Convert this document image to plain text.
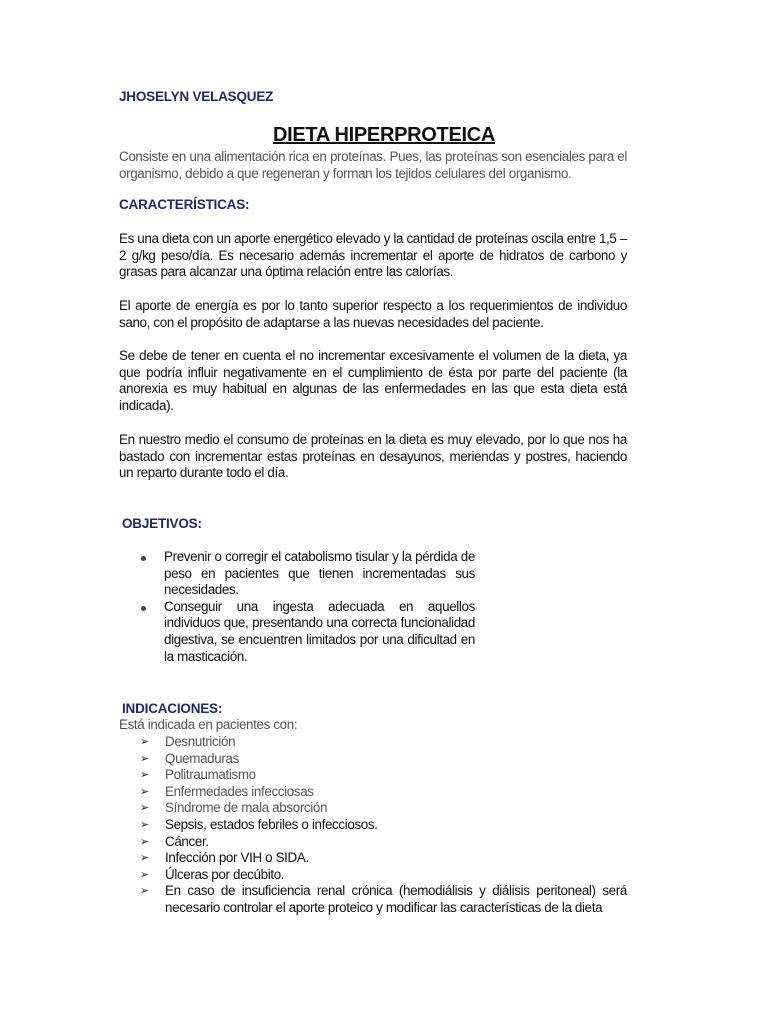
JHOSELYN VELASQUEZ
DIETA HIPERPROTEICA
Consiste en una alimentación rica en proteínas. Pues, las proteínas son esenciales para el organismo, debido a que regeneran y forman los tejidos celulares del organismo.
CARACTERÍSTICAS:
Es una dieta con un aporte energético elevado y la cantidad de proteínas oscila entre 1,5 – 2 g/kg peso/día. Es necesario además incrementar el aporte de hidratos de carbono y grasas para alcanzar una óptima relación entre las calorías.
El aporte de energía es por lo tanto superior respecto a los requerimientos de individuo sano, con el propósito de adaptarse a las nuevas necesidades del paciente.
Se debe de tener en cuenta el no incrementar excesivamente el volumen de la dieta, ya que podría influir negativamente en el cumplimiento de ésta por parte del paciente (la anorexia es muy habitual en algunas de las enfermedades en las que esta dieta está indicada).
En nuestro medio el consumo de proteínas en la dieta es muy elevado, por lo que nos ha bastado con incrementar estas proteínas en desayunos, meriendas y postres, haciendo un reparto durante todo el día.
OBJETIVOS:
Prevenir o corregir el catabolismo tisular y la pérdida de peso en pacientes que tienen incrementadas sus necesidades.
Conseguir una ingesta adecuada en aquellos individuos que, presentando una correcta funcionalidad digestiva, se encuentren limitados por una dificultad en la masticación.
INDICACIONES:
Está indicada en pacientes con:
➢ Desnutrición
➢ Quemaduras
➢ Politraumatismo
➢ Enfermedades infecciosas
➢ Síndrome de mala absorción
➢ Sepsis, estados febriles o infecciosos.
➢ Cáncer.
➢ Infección por VIH o SIDA.
➢ Úlceras por decúbito.
➢ En caso de insuficiencia renal crónica (hemodiálisis y diálisis peritoneal) será necesario controlar el aporte proteico y modificar las características de la dieta
